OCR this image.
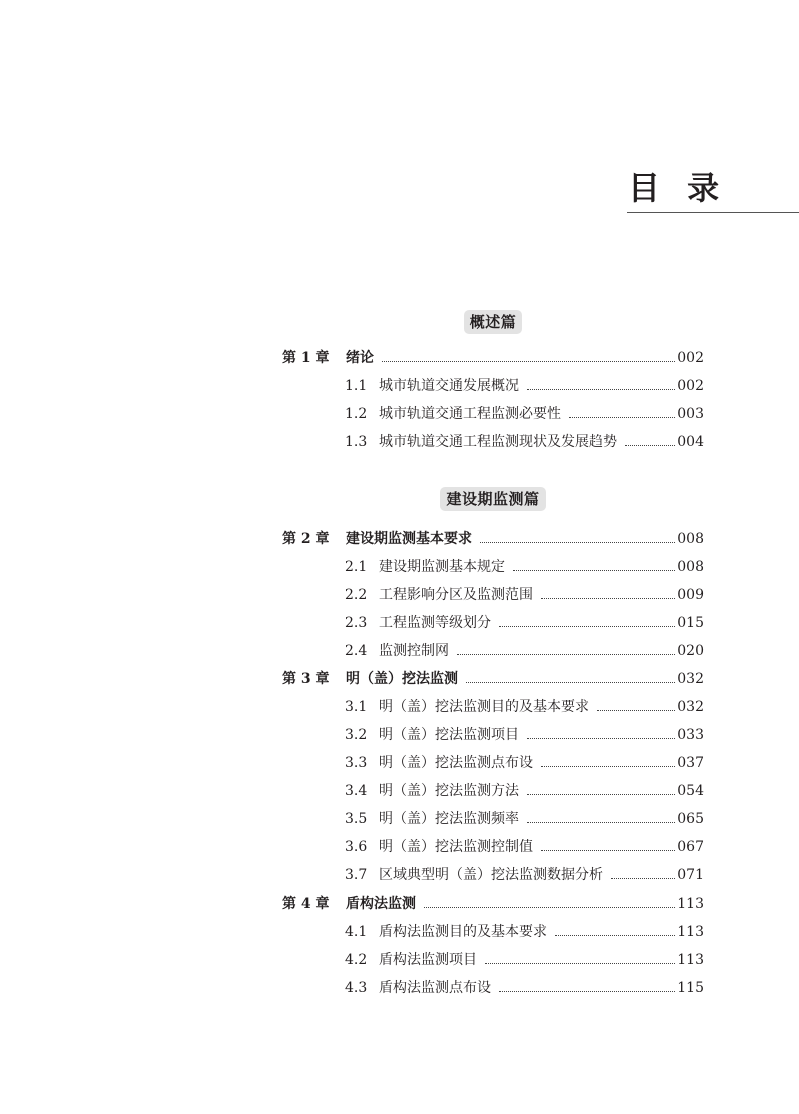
目 录
概述篇
第 1 章	绪论	002
1.1 城市轨道交通发展概况	002
1.2 城市轨道交通工程监测必要性	003
1.3 城市轨道交通工程监测现状及发展趋势	004
建设期监测篇
第 2 章	建设期监测基本要求	008
2.1 建设期监测基本规定	008
2.2 工程影响分区及监测范围	009
2.3 工程监测等级划分	015
2.4 监测控制网	020
第 3 章	明（盖）挖法监测	032
3.1 明（盖）挖法监测目的及基本要求	032
3.2 明（盖）挖法监测项目	033
3.3 明（盖）挖法监测点布设	037
3.4 明（盖）挖法监测方法	054
3.5 明（盖）挖法监测频率	065
3.6 明（盖）挖法监测控制值	067
3.7 区域典型明（盖）挖法监测数据分析	071
第 4 章	盾构法监测	113
4.1 盾构法监测目的及基本要求	113
4.2 盾构法监测项目	113
4.3 盾构法监测点布设	115
